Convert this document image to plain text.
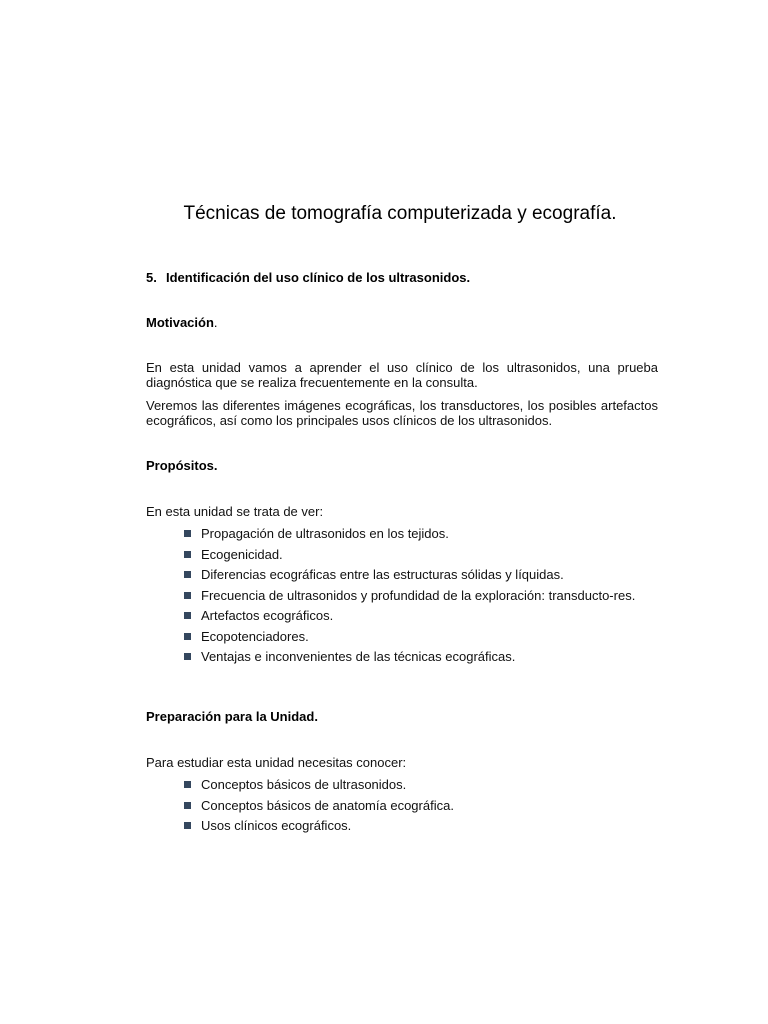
Técnicas de tomografía computerizada y ecografía.
5. Identificación del uso clínico de los ultrasonidos.
Motivación.

En esta unidad vamos a aprender el uso clínico de los ultrasonidos, una prueba diagnóstica que se realiza frecuentemente en la consulta.

Veremos las diferentes imágenes ecográficas, los transductores, los posibles artefactos ecográficos, así como los principales usos clínicos de los ultrasonidos.

Propósitos.

En esta unidad se trata de ver:

Propagación de ultrasonidos en los tejidos.
Ecogenicidad.
Diferencias ecográficas entre las estructuras sólidas y líquidas.
Frecuencia de ultrasonidos y profundidad de la exploración: transducto-res.
Artefactos ecográficos.
Ecopotenciadores.
Ventajas e inconvenientes de las técnicas ecográficas.
Preparación para la Unidad.

Para estudiar esta unidad necesitas conocer:

Conceptos básicos de ultrasonidos.
Conceptos básicos de anatomía ecográfica.
Usos clínicos ecográficos.
